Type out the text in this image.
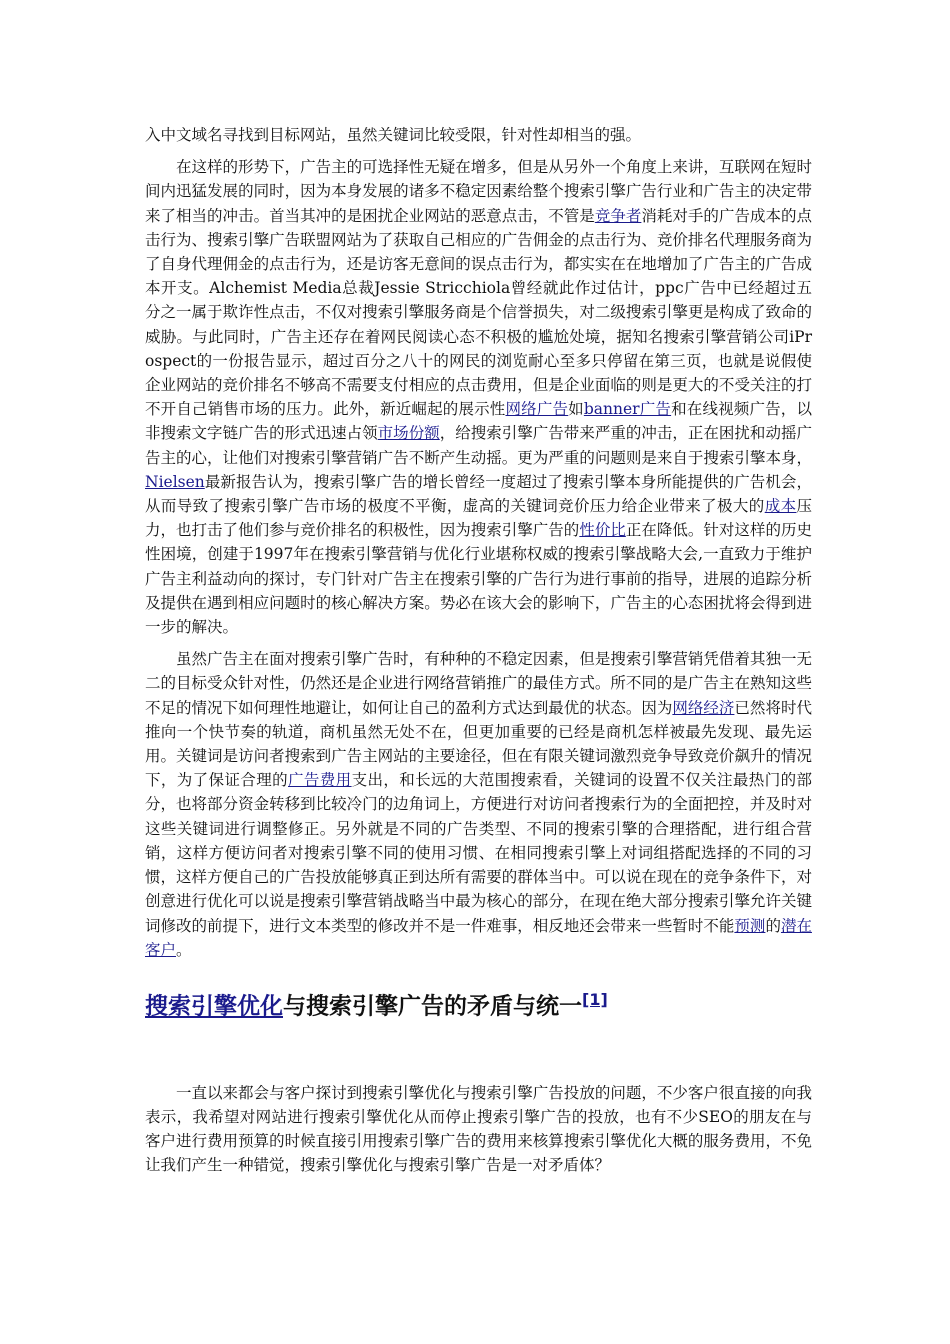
入中文域名寻找到目标网站，虽然关键词比较受限，针对性却相当的强。

在这样的形势下，广告主的可选择性无疑在增多，但是从另外一个角度上来讲，互联网在短时间内迅猛发展的同时，因为本身发展的诸多不稳定因素给整个搜索引擎广告行业和广告主的决定带来了相当的冲击。首当其冲的是困扰企业网站的恶意点击，不管是竞争者消耗对手的广告成本的点击行为、搜索引擎广告联盟网站为了获取自己相应的广告佣金的点击行为、竞价排名代理服务商为了自身代理佣金的点击行为，还是访客无意间的误点击行为，都实实在在地增加了广告主的广告成本开支。Alchemist Media总裁Jessie Stricchiola曾经就此作过估计，ppc广告中已经超过五分之一属于欺诈性点击，不仅对搜索引擎服务商是个信誉损失，对二级搜索引擎更是构成了致命的威胁。与此同时，广告主还存在着网民阅读心态不积极的尴尬处境，据知名搜索引擎营销公司iProspect的一份报告显示，超过百分之八十的网民的浏览耐心至多只停留在第三页，也就是说假使企业网站的竞价排名不够高不需要支付相应的点击费用，但是企业面临的则是更大的不受关注的打不开自己销售市场的压力。此外，新近崛起的展示性网络广告如banner广告和在线视频广告，以非搜索文字链广告的形式迅速占领市场份额，给搜索引擎广告带来严重的冲击，正在困扰和动摇广告主的心，让他们对搜索引擎营销广告不断产生动摇。更为严重的问题则是来自于搜索引擎本身，Nielsen最新报告认为，搜索引擎广告的增长曾经一度超过了搜索引擎本身所能提供的广告机会，从而导致了搜索引擎广告市场的极度不平衡，虚高的关键词竞价压力给企业带来了极大的成本压力，也打击了他们参与竞价排名的积极性，因为搜索引擎广告的性价比正在降低。针对这样的历史性困境，创建于1997年在搜索引擎营销与优化行业堪称权威的搜索引擎战略大会,一直致力于维护广告主利益动向的探讨，专门针对广告主在搜索引擎的广告行为进行事前的指导，进展的追踪分析及提供在遇到相应问题时的核心解决方案。势必在该大会的影响下，广告主的心态困扰将会得到进一步的解决。

虽然广告主在面对搜索引擎广告时，有种种的不稳定因素，但是搜索引擎营销凭借着其独一无二的目标受众针对性，仍然还是企业进行网络营销推广的最佳方式。所不同的是广告主在熟知这些不足的情况下如何理性地避让，如何让自己的盈利方式达到最优的状态。因为网络经济已然将时代推向一个快节奏的轨道，商机虽然无处不在，但更加重要的已经是商机怎样被最先发现、最先运用。关键词是访问者搜索到广告主网站的主要途径，但在有限关键词激烈竞争导致竞价飙升的情况下，为了保证合理的广告费用支出，和长远的大范围搜索看，关键词的设置不仅关注最热门的部分，也将部分资金转移到比较冷门的边角词上，方便进行对访问者搜索行为的全面把控，并及时对这些关键词进行调整修正。另外就是不同的广告类型、不同的搜索引擎的合理搭配，进行组合营销，这样方便访问者对搜索引擎不同的使用习惯、在相同搜索引擎上对词组搭配选择的不同的习惯，这样方便自己的广告投放能够真正到达所有需要的群体当中。可以说在现在的竞争条件下，对创意进行优化可以说是搜索引擎营销战略当中最为核心的部分，在现在绝大部分搜索引擎允许关键词修改的前提下，进行文本类型的修改并不是一件难事，相反地还会带来一些暂时不能预测的潜在客户。

搜索引擎优化与搜索引擎广告的矛盾与统一[1]

一直以来都会与客户探讨到搜索引擎优化与搜索引擎广告投放的问题，不少客户很直接的向我表示，我希望对网站进行搜索引擎优化从而停止搜索引擎广告的投放，也有不少SEO的朋友在与客户进行费用预算的时候直接引用搜索引擎广告的费用来核算搜索引擎优化大概的服务费用，不免让我们产生一种错觉，搜索引擎优化与搜索引擎广告是一对矛盾体？
